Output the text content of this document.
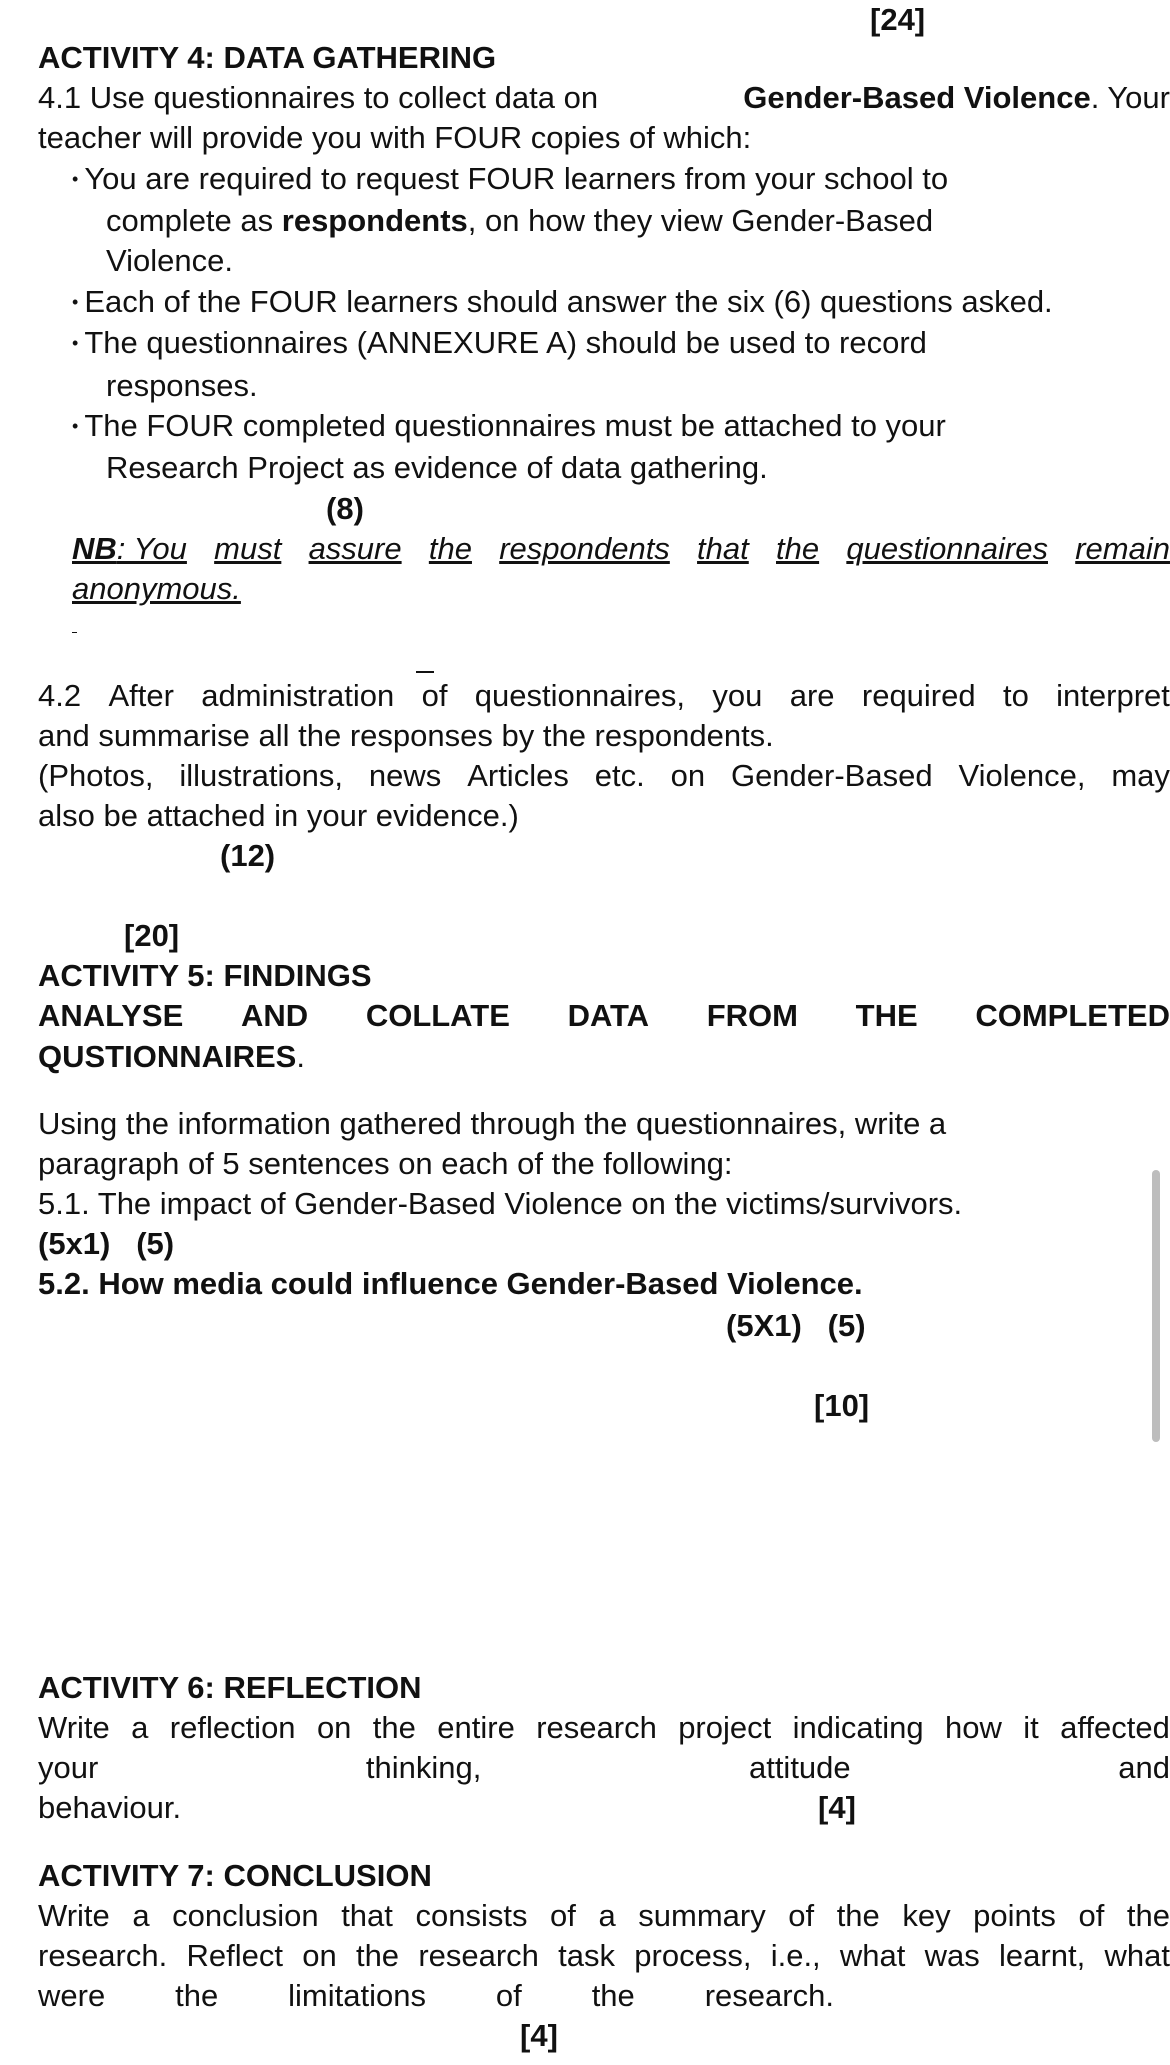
[24]
ACTIVITY 4: DATA GATHERING
4.1 Use questionnaires to collect data on	Gender-Based Violence. Your
teacher will provide you with FOUR copies of which:
• You are required to request FOUR learners from your school to
complete as respondents, on how they view Gender-Based
Violence.
• Each of the FOUR learners should answer the six (6) questions asked.
• The questionnaires (ANNEXURE A) should be used to record
responses.
• The FOUR completed questionnaires must be attached to your
Research Project as evidence of data gathering.
(8)
NB: You must assure the respondents that the questionnaires remain
anonymous.
4.2 After administration of questionnaires, you are required to interpret
and summarise all the responses by the respondents.
(Photos, illustrations, news Articles etc. on Gender-Based Violence, may
also be attached in your evidence.)
(12)
[20]
ACTIVITY 5: FINDINGS
ANALYSE AND COLLATE DATA FROM THE COMPLETED
QUSTIONNAIRES.
Using the information gathered through the questionnaires, write a
paragraph of 5 sentences on each of the following:
5.1. The impact of Gender-Based Violence on the victims/survivors.
(5x1)   (5)
5.2. How media could influence Gender-Based Violence.
(5X1)   (5)
[10]
ACTIVITY 6: REFLECTION
Write a reflection on the entire research project indicating how it affected
your	thinking,	attitude	and
behaviour.	[4]
ACTIVITY 7: CONCLUSION
Write a conclusion that consists of a summary of the key points of the
research. Reflect on the research task process, i.e., what was learnt, what
were the limitations of the research.
[4]
